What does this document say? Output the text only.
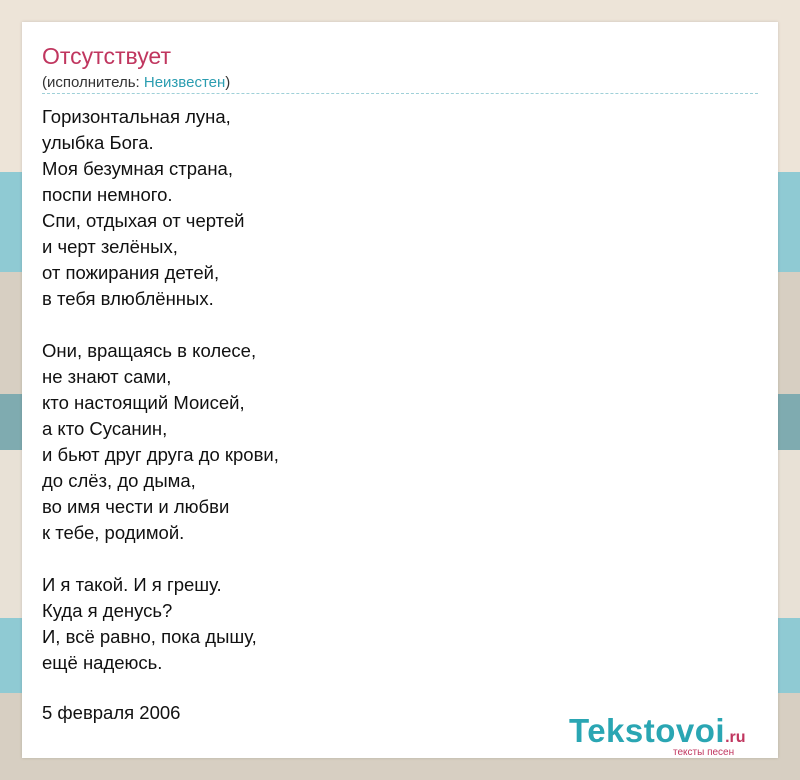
Отсутствует
(исполнитель: Неизвестен)
Горизонтальная луна,
улыбка Бога.
Моя безумная страна,
поспи немного.
Спи, отдыхая от чертей
и черт зелёных,
от пожирания детей,
в тебя влюблённых.
Они, вращаясь в колесе,
не знают сами,
кто настоящий Моисей,
а кто Сусанин,
и бьют друг друга до крови,
до слёз, до дыма,
во имя чести и любви
к тебе, родимой.
И я такой. И я грешу.
Куда я денусь?
И, всё равно, пока дышу,
ещё надеюсь.
5 февраля 2006	Tekstovoi.ru
тексты песен
